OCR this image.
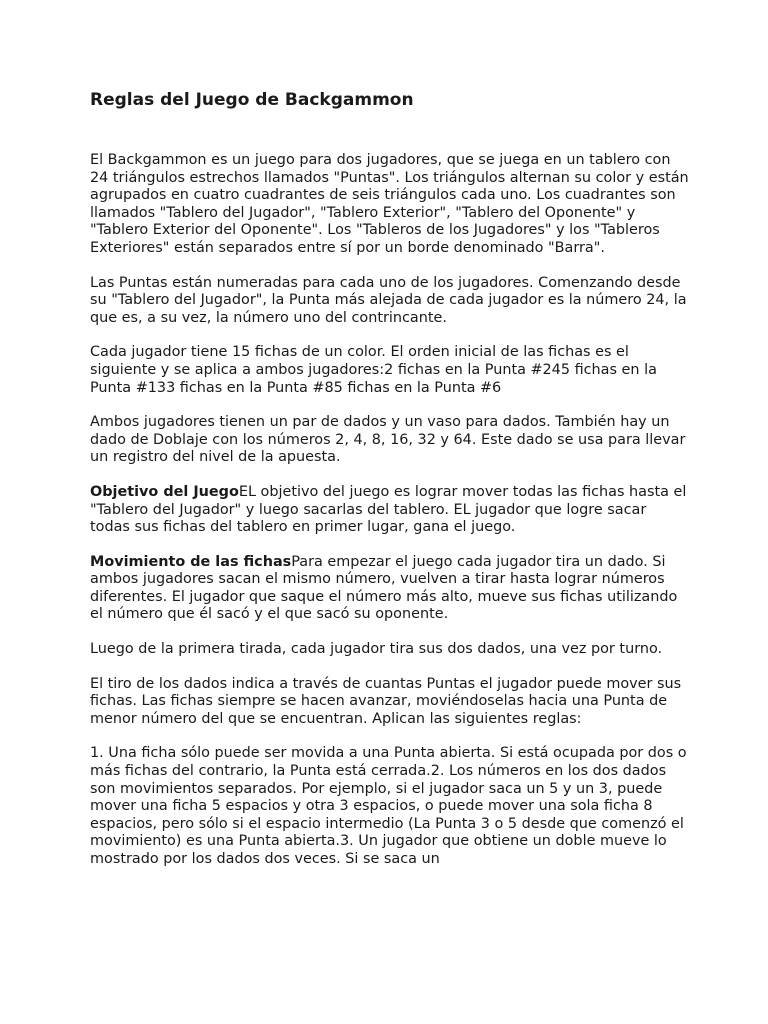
Reglas del Juego de Backgammon

El Backgammon es un juego para dos jugadores, que se juega en un tablero con 24 triángulos estrechos llamados "Puntas". Los triángulos alternan su color y están agrupados en cuatro cuadrantes de seis triángulos cada uno. Los cuadrantes son llamados "Tablero del Jugador", "Tablero Exterior", "Tablero del Oponente" y "Tablero Exterior del Oponente". Los "Tableros de los Jugadores" y los "Tableros Exteriores" están separados entre sí por un borde denominado "Barra".

Las Puntas están numeradas para cada uno de los jugadores. Comenzando desde su "Tablero del Jugador", la Punta más alejada de cada jugador es la número 24, la que es, a su vez, la número uno del contrincante.

Cada jugador tiene 15 fichas de un color. El orden inicial de las fichas es el siguiente y se aplica a ambos jugadores:2 fichas en la Punta #245 fichas en la Punta #133 fichas en la Punta #85 fichas en la Punta #6

Ambos jugadores tienen un par de dados y un vaso para dados. También hay un dado de Doblaje con los números 2, 4, 8, 16, 32 y 64. Este dado se usa para llevar un registro del nivel de la apuesta.

Objetivo del JuegoEL objetivo del juego es lograr mover todas las fichas hasta el "Tablero del Jugador" y luego sacarlas del tablero. EL jugador que logre sacar todas sus fichas del tablero en primer lugar, gana el juego.

Movimiento de las fichasPara empezar el juego cada jugador tira un dado. Si ambos jugadores sacan el mismo número, vuelven a tirar hasta lograr números diferentes. El jugador que saque el número más alto, mueve sus fichas utilizando el número que él sacó y el que sacó su oponente.

Luego de la primera tirada, cada jugador tira sus dos dados, una vez por turno.

El tiro de los dados indica a través de cuantas Puntas el jugador puede mover sus fichas. Las fichas siempre se hacen avanzar, moviéndoselas hacia una Punta de menor número del que se encuentran. Aplican las siguientes reglas:

1. Una ficha sólo puede ser movida a una Punta abierta. Si está ocupada por dos o más fichas del contrario, la Punta está cerrada.2. Los números en los dos dados son movimientos separados. Por ejemplo, si el jugador saca un 5 y un 3, puede mover una ficha 5 espacios y otra 3 espacios, o puede mover una sola ficha 8 espacios, pero sólo si el espacio intermedio (La Punta 3 o 5 desde que comenzó el movimiento) es una Punta abierta.3. Un jugador que obtiene un doble mueve lo mostrado por los dados dos veces. Si se saca un
